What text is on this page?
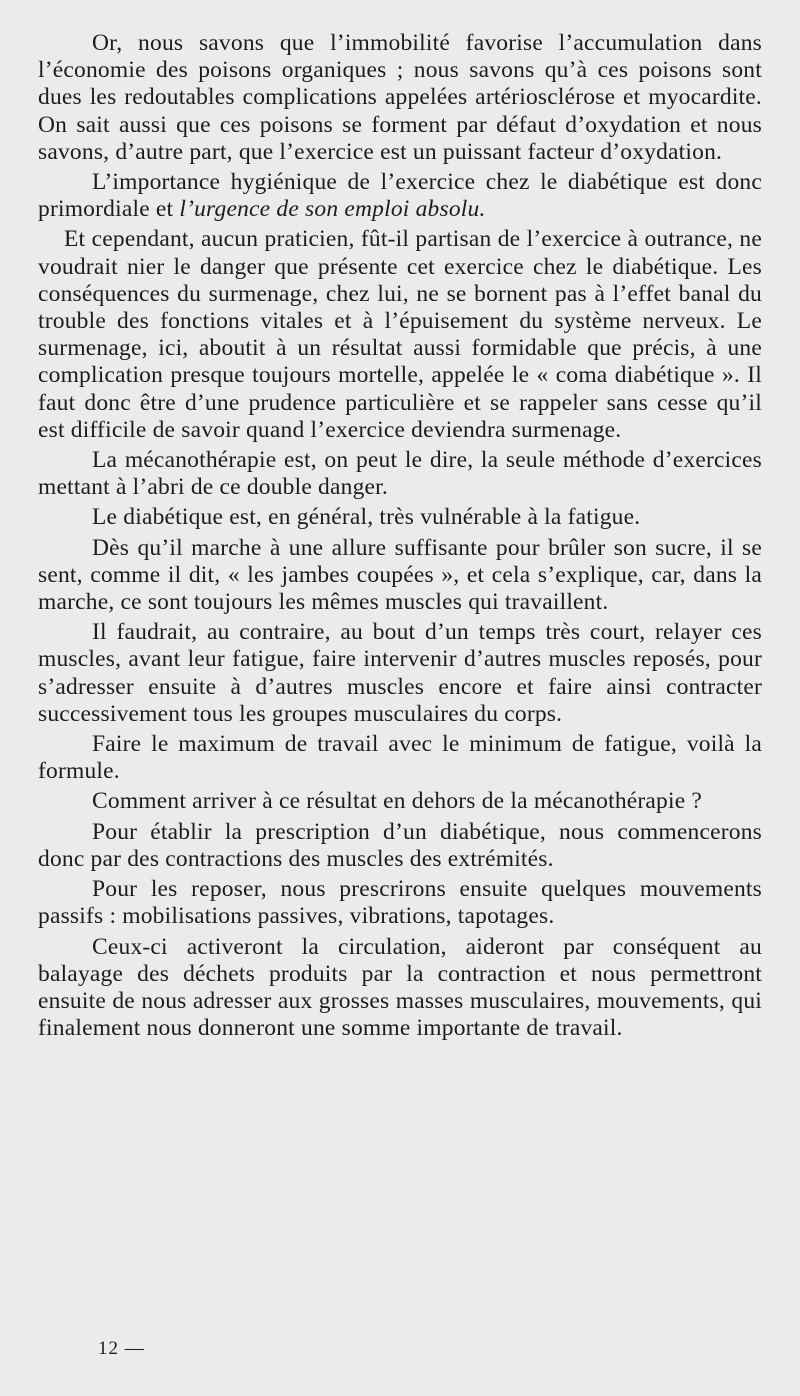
Or, nous savons que l’immobilité favorise l’accumulation dans l’économie des poisons organiques ; nous savons qu’à ces poisons sont dues les redoutables complications appelées artériosclérose et myocardite. On sait aussi que ces poisons se forment par défaut d’oxydation et nous savons, d’autre part, que l’exercice est un puissant facteur d’oxydation.

L’importance hygiénique de l’exercice chez le diabétique est donc primordiale et l’urgence de son emploi absolu.

Et cependant, aucun praticien, fût-il partisan de l’exercice à outrance, ne voudrait nier le danger que présente cet exercice chez le diabétique. Les conséquences du surmenage, chez lui, ne se bornent pas à l’effet banal du trouble des fonctions vitales et à l’épuisement du système nerveux. Le surmenage, ici, aboutit à un résultat aussi formidable que précis, à une complication presque toujours mortelle, appelée le « coma diabétique ». Il faut donc être d’une prudence particulière et se rappeler sans cesse qu’il est difficile de savoir quand l’exercice deviendra surmenage.

La mécanothérapie est, on peut le dire, la seule méthode d’exercices mettant à l’abri de ce double danger.

Le diabétique est, en général, très vulnérable à la fatigue.

Dès qu’il marche à une allure suffisante pour brûler son sucre, il se sent, comme il dit, « les jambes coupées », et cela s’explique, car, dans la marche, ce sont toujours les mêmes muscles qui travaillent.

Il faudrait, au contraire, au bout d’un temps très court, relayer ces muscles, avant leur fatigue, faire intervenir d’autres muscles reposés, pour s’adresser ensuite à d’autres muscles encore et faire ainsi contracter successivement tous les groupes musculaires du corps.

Faire le maximum de travail avec le minimum de fatigue, voilà la formule.

Comment arriver à ce résultat en dehors de la mécanothérapie ?

Pour établir la prescription d’un diabétique, nous commencerons donc par des contractions des muscles des extrémités.

Pour les reposer, nous prescrirons ensuite quelques mouvements passifs : mobilisations passives, vibrations, tapotages.

Ceux-ci activeront la circulation, aideront par conséquent au balayage des déchets produits par la contraction et nous permettront ensuite de nous adresser aux grosses masses musculaires, mouvements, qui finalement nous donneront une somme importante de travail.

12 —
